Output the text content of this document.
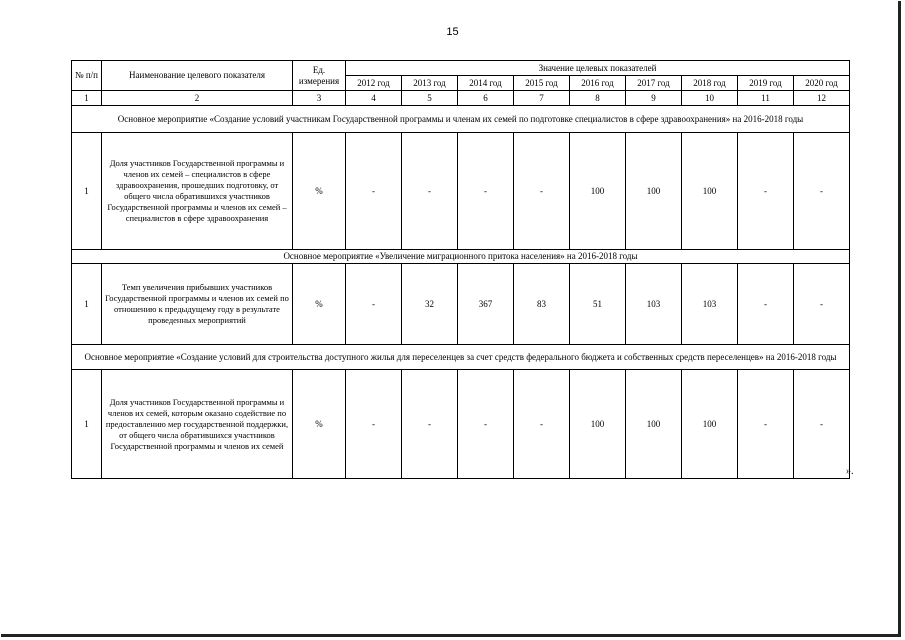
15
№ п/п	Наименование целевого показателя	Ед. измерения	Значение целевых показателей								
			2012 год	2013 год	2014 год	2015 год	2016 год	2017 год	2018 год	2019 год	2020 год
1	2	3	4	5	6	7	8	9	10	11	12
Основное мероприятие «Создание условий участникам Государственной программы и членам их семей по подготовке специалистов в сфере здравоохранения» на 2016-2018 годы											
1	Доля участников Государственной программы и членов их семей – специалистов в сфере здравоохранения, прошедших подготовку, от общего числа обратившихся участников Государственной программы и членов их семей – специалистов в сфере здравоохранения	%	-	-	-	-	100	100	100	-	-
Основное мероприятие «Увеличение миграционного притока населения» на 2016-2018 годы											
1	Темп увеличения прибывших участников Государственной программы и членов их семей по отношению к предыдущему году в результате проведенных мероприятий	%	-	32	367	83	51	103	103	-	-
Основное мероприятие «Создание условий для строительства доступного жилья для переселенцев за счет средств федерального бюджета и собственных средств переселенцев» на 2016-2018 годы											
1	Доля участников Государственной программы и членов их семей, которым оказано содействие по предоставлению мер государственной поддержки, от общего числа обратившихся участников Государственной программы и членов их семей	%	-	-	-	-	100	100	100	-	-
».
